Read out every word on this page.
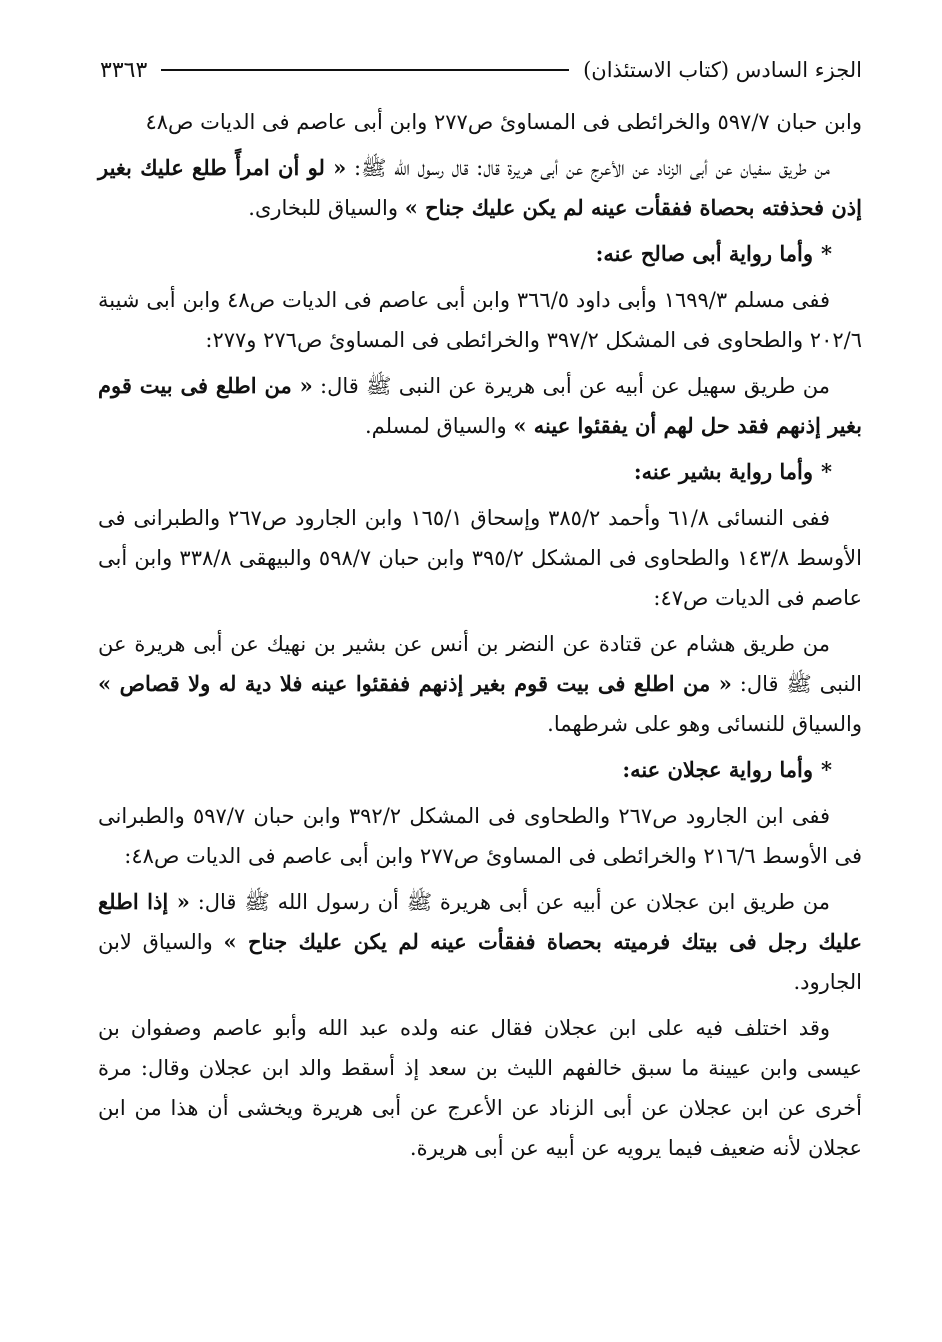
الجزء السادس (كتاب الاستئذان)
٣٣٦٣

وابن حبان ٥٩٧/٧ والخرائطى فى المساوئ ص٢٧٧ وابن أبى عاصم فى الديات ص٤٨

من طريق سفيان عن أبى الزناد عن الأعرج عن أبى هريرة قال: قال رسول الله ﷺ: « لو أن امرأً طلع عليك بغير إذن فحذفته بحصاة ففقأت عينه لم يكن عليك جناح » والسياق للبخارى.

*وأما رواية أبى صالح عنه:

ففى مسلم ١٦٩٩/٣ وأبى داود ٣٦٦/٥ وابن أبى عاصم فى الديات ص٤٨ وابن أبى شيبة ٢٠٢/٦ والطحاوى فى المشكل ٣٩٧/٢ والخرائطى فى المساوئ ص٢٧٦ و٢٧٧:

من طريق سهيل عن أبيه عن أبى هريرة عن النبى ﷺ قال: « من اطلع فى بيت قوم بغير إذنهم فقد حل لهم أن يفقئوا عينه » والسياق لمسلم.

*وأما رواية بشير عنه:

ففى النسائى ٦١/٨ وأحمد ٣٨٥/٢ وإسحاق ١٦٥/١ وابن الجارود ص٢٦٧ والطبرانى فى الأوسط ١٤٣/٨ والطحاوى فى المشكل ٣٩٥/٢ وابن حبان ٥٩٨/٧ والبيهقى ٣٣٨/٨ وابن أبى عاصم فى الديات ص٤٧:

من طريق هشام عن قتادة عن النضر بن أنس عن بشير بن نهيك عن أبى هريرة عن النبى ﷺ قال: « من اطلع فى بيت قوم بغير إذنهم ففقئوا عينه فلا دية له ولا قصاص » والسياق للنسائى وهو على شرطهما.

*وأما رواية عجلان عنه:

ففى ابن الجارود ص٢٦٧ والطحاوى فى المشكل ٣٩٢/٢ وابن حبان ٥٩٧/٧ والطبرانى فى الأوسط ٢١٦/٦ والخرائطى فى المساوئ ص٢٧٧ وابن أبى عاصم فى الديات ص٤٨:

من طريق ابن عجلان عن أبيه عن أبى هريرة ﷺ أن رسول الله ﷺ قال: « إذا اطلع عليك رجل فى بيتك فرميته بحصاة ففقأت عينه لم يكن عليك جناح » والسياق لابن الجارود.

وقد اختلف فيه على ابن عجلان فقال عنه ولده عبد الله وأبو عاصم وصفوان بن عيسى وابن عيينة ما سبق خالفهم الليث بن سعد إذ أسقط والد ابن عجلان وقال: مرة أخرى عن ابن عجلان عن أبى الزناد عن الأعرج عن أبى هريرة ويخشى أن هذا من ابن عجلان لأنه ضعيف فيما يرويه عن أبيه عن أبى هريرة.
